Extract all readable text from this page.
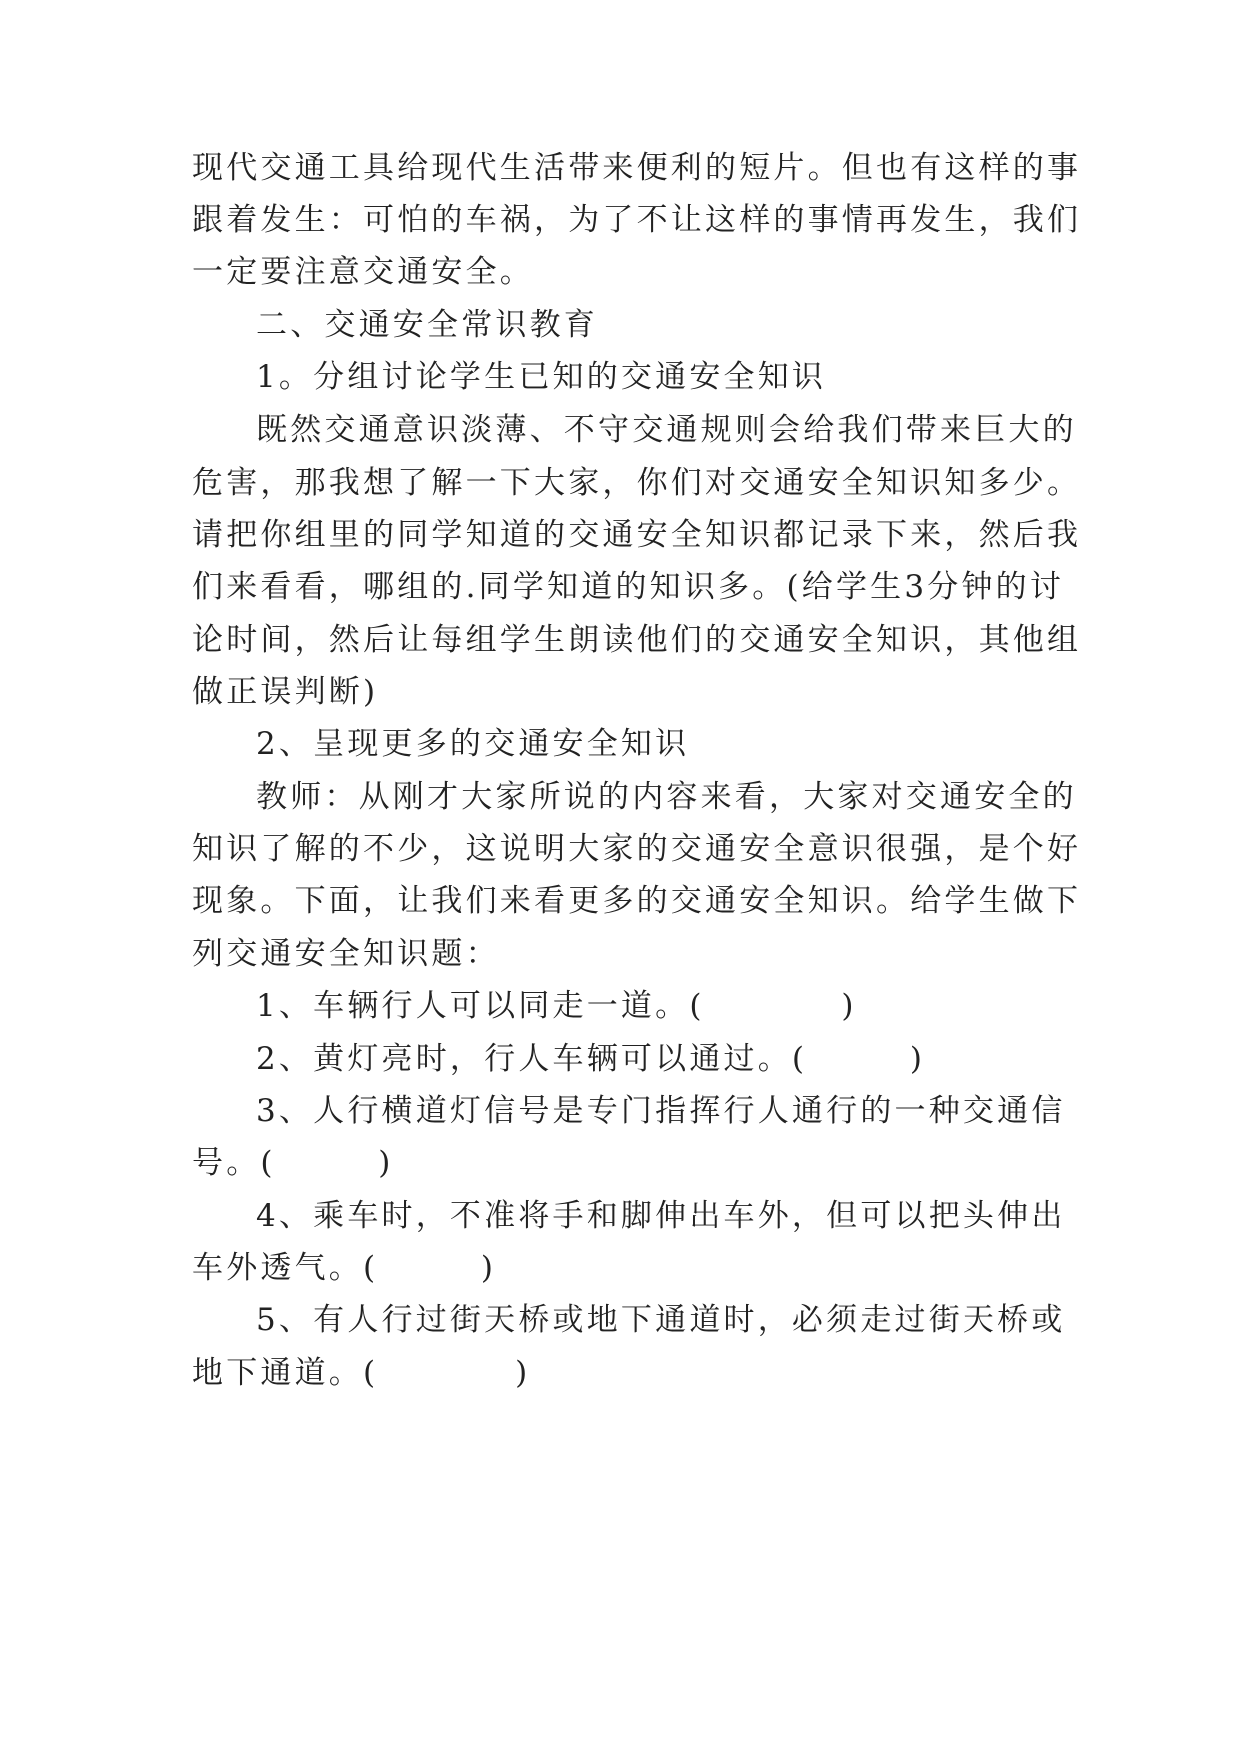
现代交通工具给现代生活带来便利的短片。但也有这样的事
跟着发生：可怕的车祸，为了不让这样的事情再发生，我们
一定要注意交通安全。
二、交通安全常识教育
1。分组讨论学生已知的交通安全知识
既然交通意识淡薄、不守交通规则会给我们带来巨大的
危害，那我想了解一下大家，你们对交通安全知识知多少。
请把你组里的同学知道的交通安全知识都记录下来，然后我
们来看看，哪组的.同学知道的知识多。(给学生3分钟的讨
论时间，然后让每组学生朗读他们的交通安全知识，其他组
做正误判断)
2、呈现更多的交通安全知识
教师：从刚才大家所说的内容来看，大家对交通安全的
知识了解的不少，这说明大家的交通安全意识很强，是个好
现象。下面，让我们来看更多的交通安全知识。给学生做下
列交通安全知识题：
1、车辆行人可以同走一道。(　　　　)
2、黄灯亮时，行人车辆可以通过。(　　　)
3、人行横道灯信号是专门指挥行人通行的一种交通信
号。(　　　)
4、乘车时，不准将手和脚伸出车外，但可以把头伸出
车外透气。(　　　)
5、有人行过街天桥或地下通道时，必须走过街天桥或
地下通道。(　　　　)
